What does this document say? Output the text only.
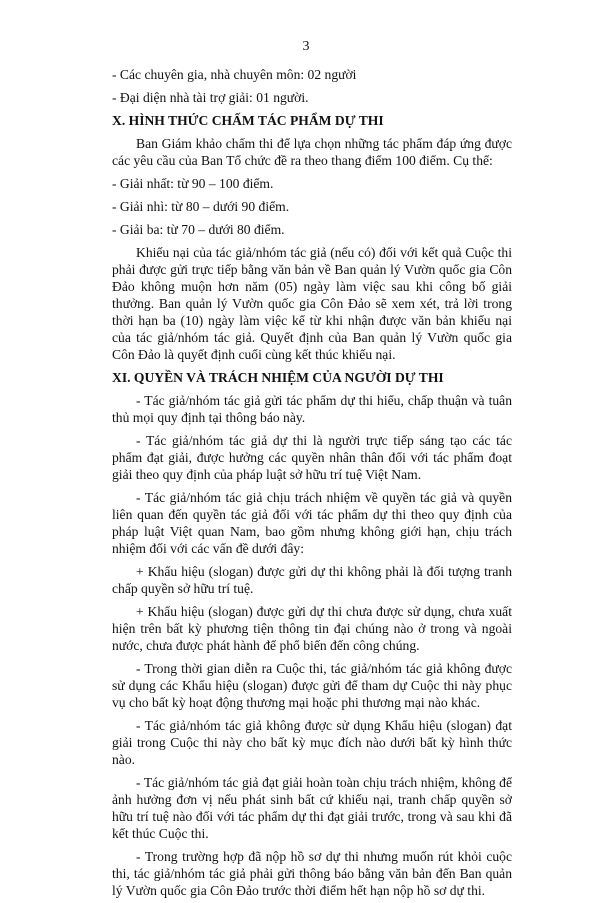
3

- Các chuyên gia, nhà chuyên môn: 02 người

- Đại diện nhà tài trợ giải: 01 người.

X. HÌNH THỨC CHẤM TÁC PHẨM DỰ THI

Ban Giám khảo chấm thi để lựa chọn những tác phẩm đáp ứng được các yêu cầu của Ban Tổ chức đề ra theo thang điểm 100 điểm. Cụ thể:

- Giải nhất: từ 90 – 100 điểm.

- Giải nhì: từ 80 – dưới 90 điểm.

- Giải ba: từ 70 – dưới 80 điểm.

Khiếu nại của tác giả/nhóm tác giả (nếu có) đối với kết quả Cuộc thi phải được gửi trực tiếp bằng văn bản về Ban quản lý Vườn quốc gia Côn Đảo không muộn hơn năm (05) ngày làm việc sau khi công bố giải thưởng. Ban quản lý Vườn quốc gia Côn Đảo sẽ xem xét, trả lời trong thời hạn ba (10) ngày làm việc kể từ khi nhận được văn bản khiếu nại của tác giả/nhóm tác giả. Quyết định của Ban quản lý Vườn quốc gia Côn Đảo là quyết định cuối cùng kết thúc khiếu nại.

XI. QUYỀN VÀ TRÁCH NHIỆM CỦA NGƯỜI DỰ THI

- Tác giả/nhóm tác giả gửi tác phẩm dự thi hiểu, chấp thuận và tuân thủ mọi quy định tại thông báo này.

- Tác giả/nhóm tác giả dự thi là người trực tiếp sáng tạo các tác phẩm đạt giải, được hưởng các quyền nhân thân đối với tác phẩm đoạt giải theo quy định của pháp luật sở hữu trí tuệ Việt Nam.

- Tác giả/nhóm tác giả chịu trách nhiệm về quyền tác giả và quyền liên quan đến quyền tác giả đối với tác phẩm dự thi theo quy định của pháp luật Việt quan Nam, bao gồm nhưng không giới hạn, chịu trách nhiệm đối với các vấn đề dưới đây:

+ Khẩu hiệu (slogan) được gửi dự thi không phải là đối tượng tranh chấp quyền sở hữu trí tuệ.

+ Khẩu hiệu (slogan) được gửi dự thi chưa được sử dụng, chưa xuất hiện trên bất kỳ phương tiện thông tin đại chúng nào ở trong và ngoài nước, chưa được phát hành để phổ biến đến công chúng.

- Trong thời gian diễn ra Cuộc thi, tác giả/nhóm tác giả không được sử dụng các Khẩu hiệu (slogan) được gửi để tham dự Cuộc thi này phục vụ cho bất kỳ hoạt động thương mại hoặc phi thương mại nào khác.

- Tác giả/nhóm tác giả không được sử dụng Khẩu hiệu (slogan) đạt giải trong Cuộc thi này cho bất kỳ mục đích nào dưới bất kỳ hình thức nào.

- Tác giả/nhóm tác giả đạt giải hoàn toàn chịu trách nhiệm, không để ảnh hưởng đơn vị nếu phát sinh bất cứ khiếu nại, tranh chấp quyền sở hữu trí tuệ nào đối với tác phẩm dự thi đạt giải trước, trong và sau khi đã kết thúc Cuộc thi.

- Trong trường hợp đã nộp hồ sơ dự thi nhưng muốn rút khỏi cuộc thi, tác giả/nhóm tác giả phải gửi thông báo bằng văn bản đến Ban quản lý Vườn quốc gia Côn Đảo trước thời điểm hết hạn nộp hồ sơ dự thi.
